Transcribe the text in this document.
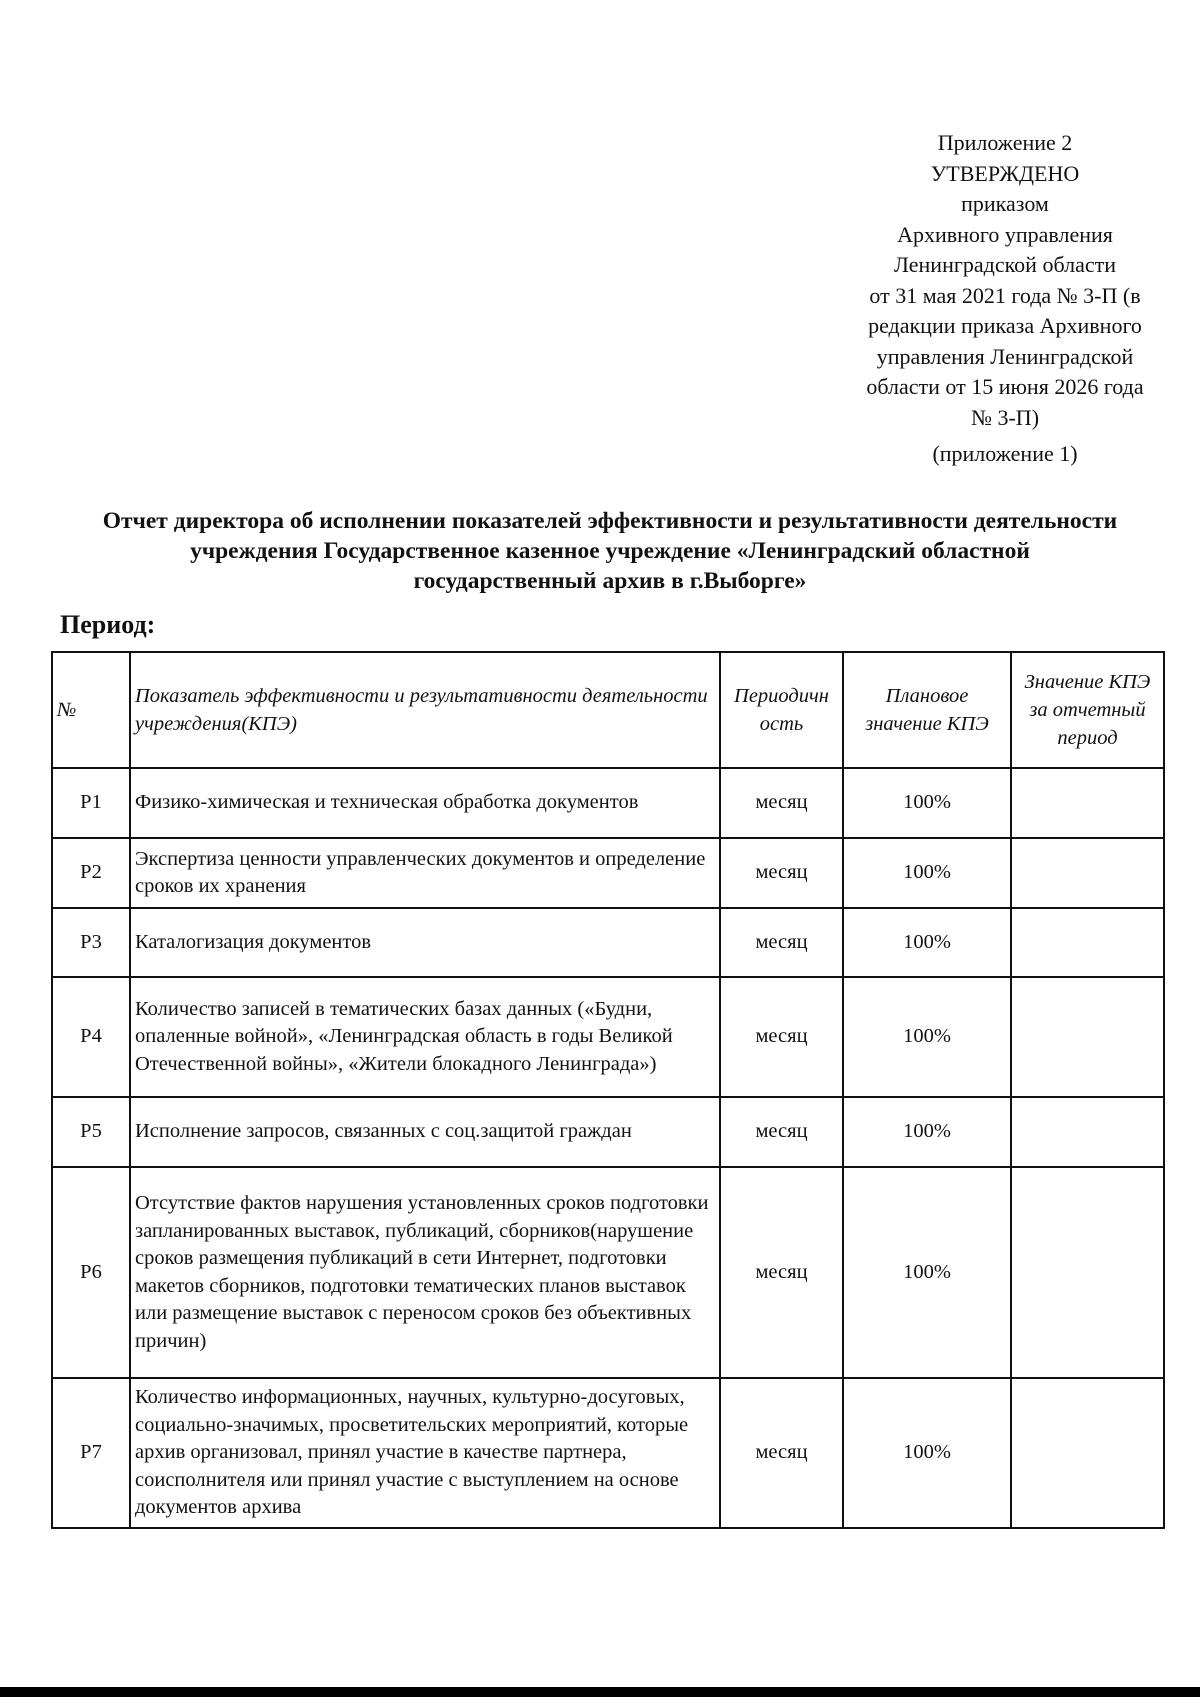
Приложение 2
УТВЕРЖДЕНО
приказом
Архивного управления
Ленинградской области
от 31 мая 2021 года № 3-П (в
редакции приказа Архивного
управления Ленинградской
области от 15 июня 2026 года
№ 3-П)
(приложение 1)
Отчет директора об исполнении показателей эффективности и результативности деятельности
учреждения Государственное казенное учреждение «Ленинградский областной
государственный архив в г.Выборге»
Период:
№	Показатель эффективности и результативности деятельности учреждения(КПЭ)	Периодичн ость	Плановое значение КПЭ	Значение КПЭ за отчетный период
P1	Физико-химическая и техническая обработка документов	месяц	100%	
P2	Экспертиза ценности управленческих документов и определение сроков их хранения	месяц	100%	
P3	Каталогизация документов	месяц	100%	
P4	Количество записей в тематических базах данных («Будни, опаленные войной», «Ленинградская область в годы Великой Отечественной войны», «Жители блокадного Ленинграда»)	месяц	100%	
P5	Исполнение запросов, связанных с соц.защитой граждан	месяц	100%	
P6	Отсутствие фактов нарушения установленных сроков подготовки запланированных выставок, публикаций, сборников(нарушение сроков размещения публикаций в сети Интернет, подготовки макетов сборников, подготовки тематических планов выставок или размещение выставок с переносом сроков без объективных причин)	месяц	100%	
P7	Количество информационных, научных, культурно-досуговых, социально-значимых, просветительских мероприятий, которые архив организовал, принял участие в качестве партнера, соисполнителя или принял участие с выступлением на основе документов архива	месяц	100%	
